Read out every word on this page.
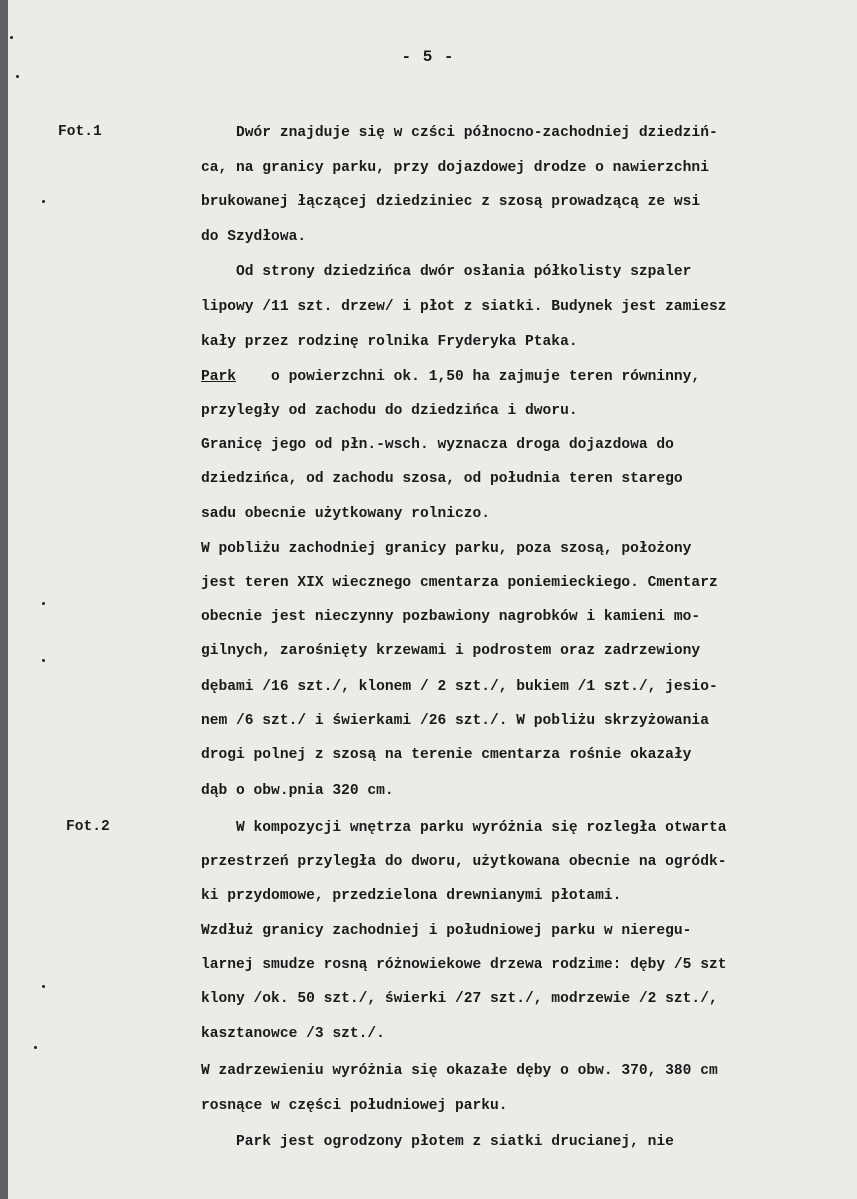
- 5 -
Fot.1
Fot.2
Dwór znajduje się w czści północno-zachodniej dziedziń-
ca, na granicy parku, przy dojazdowej drodze o nawierzchni
brukowanej łączącej dziedziniec z szosą prowadzącą ze wsi
do Szydłowa.
Od strony dziedzińca dwór osłania półkolisty szpaler
lipowy /11 szt. drzew/ i płot z siatki. Budynek jest zamiesz
kały przez rodzinę rolnika Fryderyka Ptaka.
Park    o powierzchni ok. 1,50 ha zajmuje teren równinny,
przyległy od zachodu do dziedzińca i dworu.
Granicę jego od płn.-wsch. wyznacza droga dojazdowa do
dziedzińca, od zachodu szosa, od południa teren starego
sadu obecnie użytkowany rolniczo.
W pobliżu zachodniej granicy parku, poza szosą, położony
jest teren XIX wiecznego cmentarza poniemieckiego. Cmentarz
obecnie jest nieczynny pozbawiony nagrobków i kamieni mo-
gilnych, zarośnięty krzewami i podrostem oraz zadrzewiony
dębami /16 szt./, klonem / 2 szt./, bukiem /1 szt./, jesio-
nem /6 szt./ i świerkami /26 szt./. W pobliżu skrzyżowania
drogi polnej z szosą na terenie cmentarza rośnie okazały
dąb o obw.pnia 320 cm.
W kompozycji wnętrza parku wyróżnia się rozległa otwarta
przestrzeń przyległa do dworu, użytkowana obecnie na ogródk-
ki przydomowe, przedzielona drewnianymi płotami.
Wzdłuż granicy zachodniej i południowej parku w nieregu-
larnej smudze rosną różnowiekowe drzewa rodzime: dęby /5 szt
klony /ok. 50 szt./, świerki /27 szt./, modrzewie /2 szt./,
kasztanowce /3 szt./.
W zadrzewieniu wyróżnia się okazałe dęby o obw. 370, 380 cm
rosnące w części południowej parku.
Park jest ogrodzony płotem z siatki drucianej, nie
